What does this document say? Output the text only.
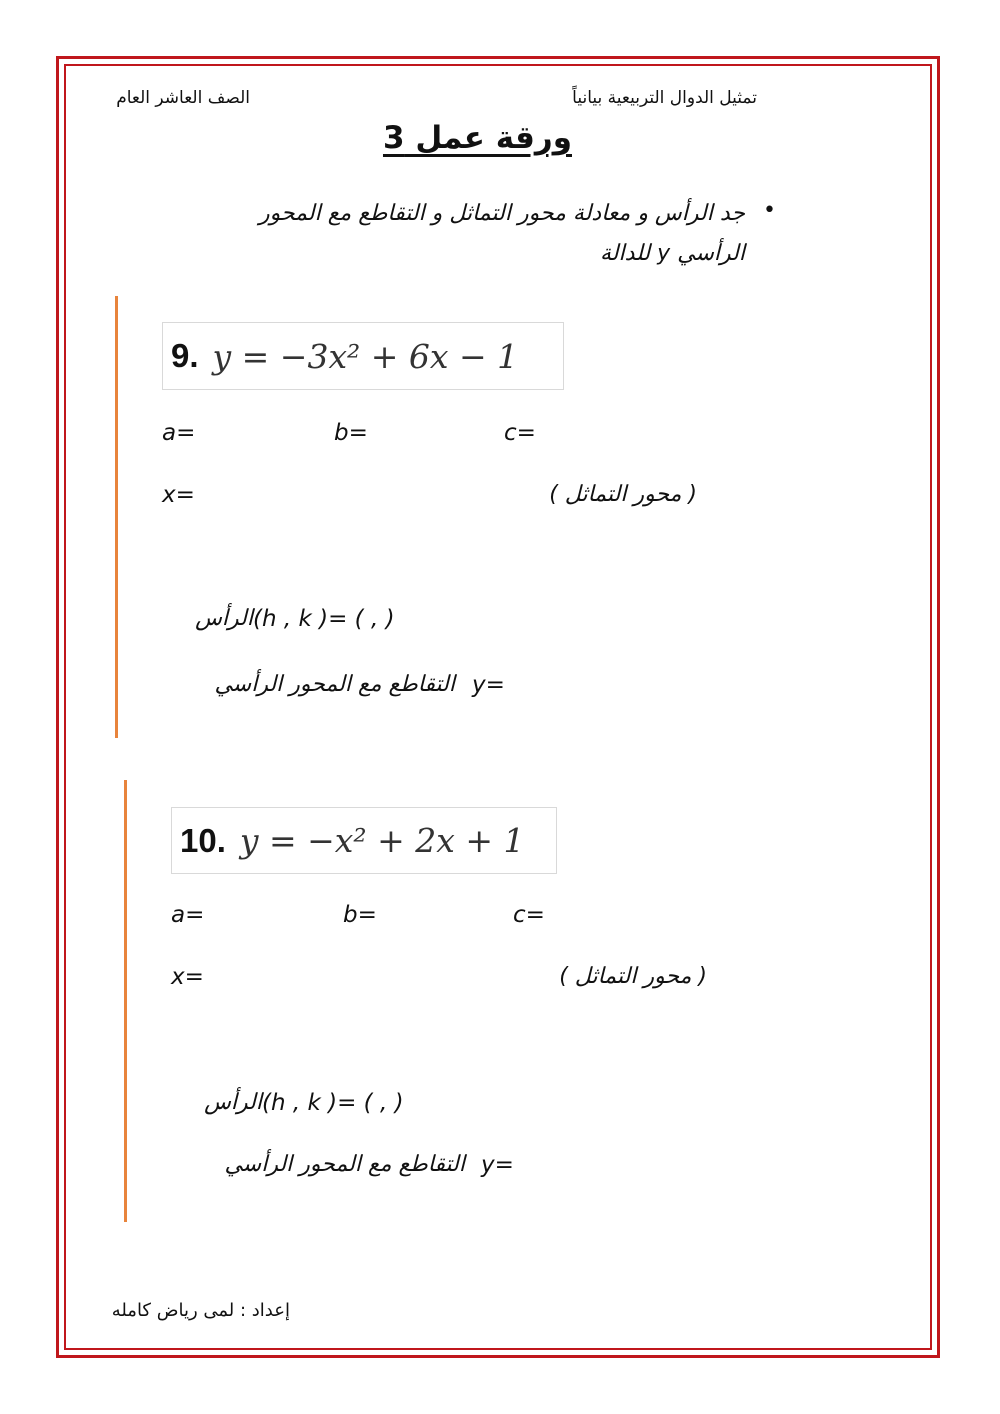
الصف العاشر العام	تمثيل الدوال التربيعية بيانياً
ورقة عمل 3
•
جد الرأس و معادلة محور التماثل و التقاطع مع المحور
الرأسي y للدالة
9. y = −3x² + 6x − 1
a=	b=	c=
x=	( محور التماثل )
الرأس (h , k )= ( , )
التقاطع مع المحور الرأسي y=
10. y = −x² + 2x + 1
a=	b=	c=
x=	( محور التماثل )
الرأس (h , k )= ( , )
التقاطع مع المحور الرأسي y=
إعداد : لمى رياض كامله
